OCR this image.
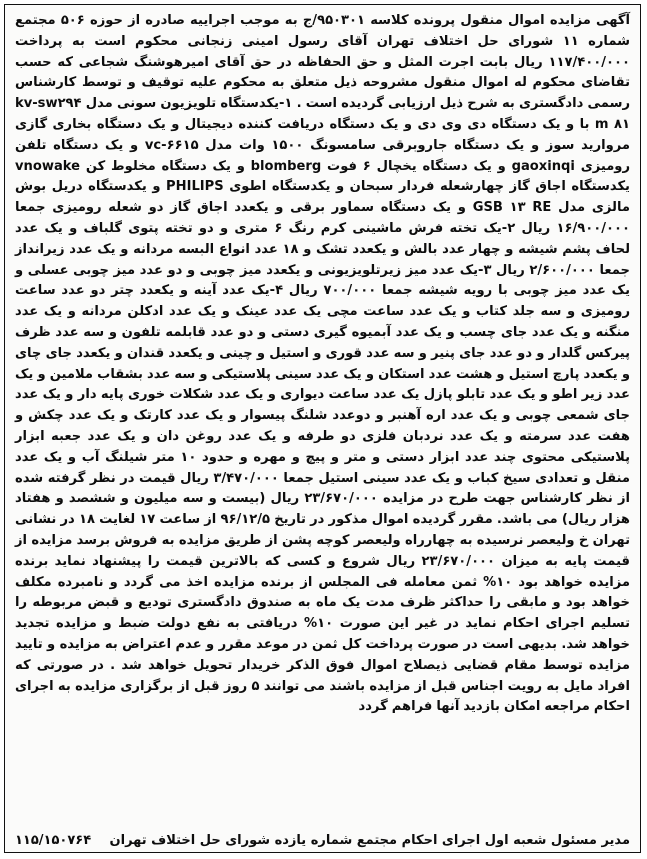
آگهی مزایده اموال منقول پرونده کلاسه ۹۵۰۳۰۱/ج به موجب اجراییه صادره از حوزه ۵۰۶ مجتمع شماره ۱۱ شورای حل اختلاف تهران آقای رسول امینی زنجانی محکوم است به پرداخت ۱۱۷/۴۰۰/۰۰۰ ریال بابت اجرت المثل و حق الحفاظه در حق آقای امیرهوشنگ شجاعی که حسب تقاضای محکوم له اموال منقول مشروحه ذیل متعلق به محکوم علیه توقیف و توسط کارشناس رسمی دادگستری به شرح ذیل ارزیابی گردیده است . ۱-یکدستگاه تلویزیون سونی مدل kv-sw۲۹۴ m ۸۱ با و یک دستگاه دی وی دی و یک دستگاه دریافت کننده دیجیتال و یک دستگاه بخاری گازی مروارید سوز و یک دستگاه جاروبرقی سامسونگ ۱۵۰۰ وات مدل vc-۶۶۱۵ و یک دستگاه تلفن رومیزی gaoxinqi و یک دستگاه یخچال ۶ فوت blomberg و یک دستگاه مخلوط کن vnowake یکدستگاه اجاق گاز چهارشعله فردار سبحان و یکدستگاه اطوی PHILIPS و یکدستگاه دریل بوش مالزی مدل GSB ۱۳ RE و یک دستگاه سماور برقی و یکعدد اجاق گاز دو شعله رومیزی جمعا ۱۶/۹۰۰/۰۰۰ ریال ۲-یک تخته فرش ماشینی کرم رنگ ۶ متری و دو تخته پتوی گلباف و یک عدد لحاف پشم شیشه و چهار عدد بالش و یکعدد تشک و ۱۸ عدد انواع البسه مردانه و یک عدد زیرانداز جمعا ۲/۶۰۰/۰۰۰ ریال ۳-یک عدد میز زیرتلویزیونی و یکعدد میز چوبی و دو عدد میز چوبی عسلی و یک عدد میز چوبی با رویه شیشه جمعا ۷۰۰/۰۰۰ ریال ۴-یک عدد آینه و یکعدد چتر دو عدد ساعت رومیزی و سه جلد کتاب و یک عدد ساعت مچی یک عدد عینک و یک عدد ادکلن مردانه و یک عدد منگنه و یک عدد جای چسب و یک عدد آبمیوه گیری دستی و دو عدد قابلمه تلفون و سه عدد ظرف پیرکس گلدار و دو عدد جای پنیر و سه عدد قوری و استیل و چینی و یکعدد قندان و یکعدد جای چای و یکعدد پارچ استیل و هشت عدد استکان و یک عدد سینی پلاستیکی و سه عدد بشقاب ملامین و یک عدد زیر اطو و یک عدد تابلو پازل یک عدد ساعت دیواری و یک عدد شکلات خوری پایه دار و یک عدد جای شمعی چوبی و یک عدد اره آهنبر و دوعدد شلنگ پیسوار و یک عدد کارتک و یک عدد چکش و هفت عدد سرمته و یک عدد نردبان فلزی دو طرفه و یک عدد روغن دان و یک عدد جعبه ابزار پلاستیکی محتوی چند عدد ابزار دستی و متر و پیچ و مهره و حدود ۱۰ متر شیلنگ آب و یک عدد منقل و تعدادی سیخ کباب و یک عدد سینی استیل جمعا ۳/۴۷۰/۰۰۰ ریال قیمت در نظر گرفته شده از نظر کارشناس جهت طرح در مزایده ۲۳/۶۷۰/۰۰۰ ریال (بیست و سه میلیون و ششصد و هفتاد هزار ریال) می باشد. مقرر گردیده اموال مذکور در تاریخ ۹۶/۱۲/۵ از ساعت ۱۷ لغایت ۱۸ در نشانی تهران خ ولیعصر نرسیده به چهارراه ولیعصر کوچه پشن از طریق مزایده به فروش برسد مزایده از قیمت پایه به میزان ۲۳/۶۷۰/۰۰۰ ریال شروع و کسی که بالاترین قیمت را پیشنهاد نماید برنده مزایده خواهد بود ۱۰% ثمن معامله فی المجلس از برنده مزایده اخذ می گردد و نامبرده مکلف خواهد بود و مابقی را حداکثر ظرف مدت یک ماه به صندوق دادگستری تودیع و قبض مربوطه را تسلیم اجرای احکام نماید در غیر این صورت ۱۰% دریافتی به نفع دولت ضبط و مزایده تجدید خواهد شد. بدیهی است در صورت پرداخت کل ثمن در موعد مقرر و عدم اعتراض به مزایده و تایید مزایده توسط مقام قضایی ذیصلاح اموال فوق الذکر خریدار تحویل خواهد شد . در صورتی که افراد مایل به رویت اجناس قبل از مزایده باشند می توانند ۵ روز قبل از برگزاری مزایده به اجرای احکام مراجعه امکان بازدید آنها فراهم گردد

مدیر مسئول شعبه اول اجرای احکام مجتمع شماره یازده شورای حل اختلاف تهران
۱۱۵/۱۵۰۷۶۴
